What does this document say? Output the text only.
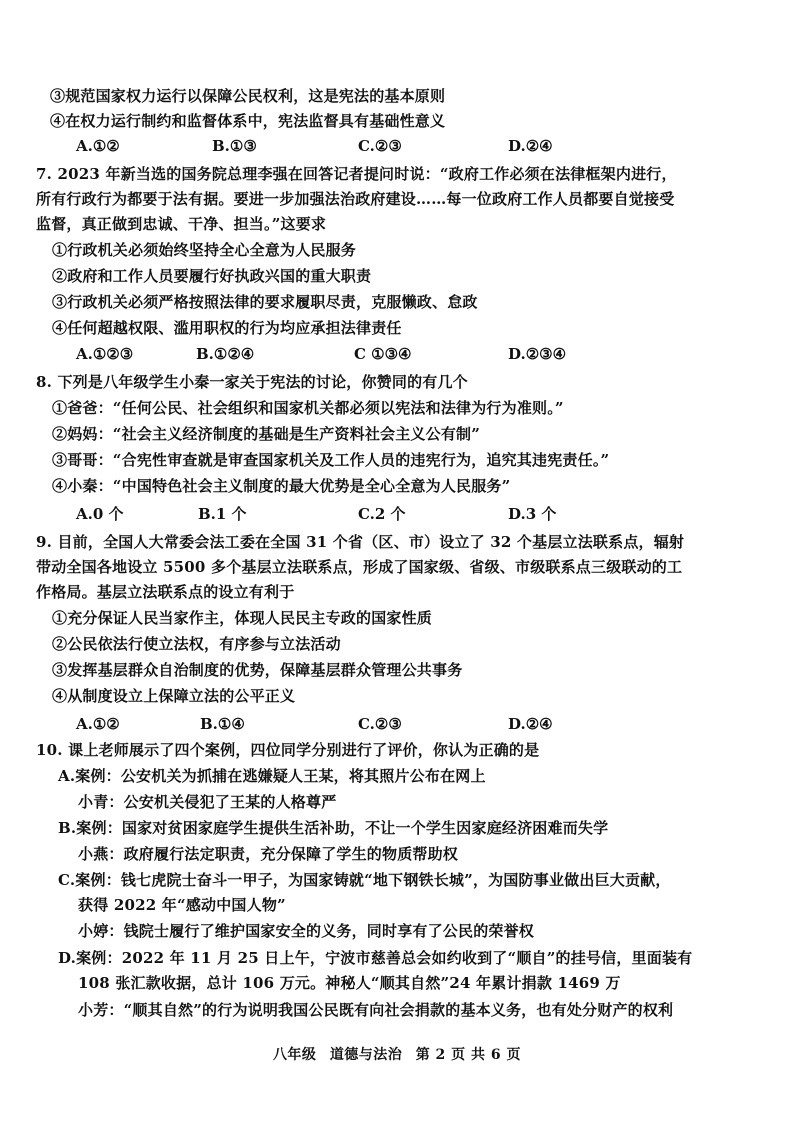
③规范国家权力运行以保障公民权利，这是宪法的基本原则
④在权力运行制约和监督体系中，宪法监督具有基础性意义
A.①②	B.①③	C.②③	D.②④
7. 2023 年新当选的国务院总理李强在回答记者提问时说：“政府工作必须在法律框架内进行，
所有行政行为都要于法有据。要进一步加强法治政府建设……每一位政府工作人员都要自觉接受
监督，真正做到忠诚、干净、担当。”这要求
①行政机关必须始终坚持全心全意为人民服务
②政府和工作人员要履行好执政兴国的重大职责
③行政机关必须严格按照法律的要求履职尽责，克服懒政、怠政
④任何超越权限、滥用职权的行为均应承担法律责任
A.①②③	B.①②④	C ①③④	D.②③④
8. 下列是八年级学生小秦一家关于宪法的讨论，你赞同的有几个
①爸爸：“任何公民、社会组织和国家机关都必须以宪法和法律为行为准则。”
②妈妈：“社会主义经济制度的基础是生产资料社会主义公有制”
③哥哥：“合宪性审查就是审查国家机关及工作人员的违宪行为，追究其违宪责任。”
④小秦：“中国特色社会主义制度的最大优势是全心全意为人民服务”
A.0 个	B.1 个	C.2 个	D.3 个
9. 目前，全国人大常委会法工委在全国 31 个省（区、市）设立了 32 个基层立法联系点，辐射
带动全国各地设立 5500 多个基层立法联系点，形成了国家级、省级、市级联系点三级联动的工
作格局。基层立法联系点的设立有利于
①充分保证人民当家作主，体现人民民主专政的国家性质
②公民依法行使立法权，有序参与立法活动
③发挥基层群众自治制度的优势，保障基层群众管理公共事务
④从制度设立上保障立法的公平正义
A.①②	B.①④	C.②③	D.②④
10. 课上老师展示了四个案例，四位同学分别进行了评价，你认为正确的是
A.案例：公安机关为抓捕在逃嫌疑人王某，将其照片公布在网上
小青：公安机关侵犯了王某的人格尊严
B.案例：国家对贫困家庭学生提供生活补助，不让一个学生因家庭经济困难而失学
小燕：政府履行法定职责，充分保障了学生的物质帮助权
C.案例：钱七虎院士奋斗一甲子，为国家铸就“地下钢铁长城”，为国防事业做出巨大贡献，
获得 2022 年“感动中国人物”
小婷：钱院士履行了维护国家安全的义务，同时享有了公民的荣誉权
D.案例：2022 年 11 月 25 日上午，宁波市慈善总会如约收到了“顺自”的挂号信，里面装有
108 张汇款收据，总计 106 万元。神秘人“顺其自然”24 年累计捐款 1469 万
小芳：“顺其自然”的行为说明我国公民既有向社会捐款的基本义务，也有处分财产的权利
八年级 道德与法治 第 2 页 共 6 页
